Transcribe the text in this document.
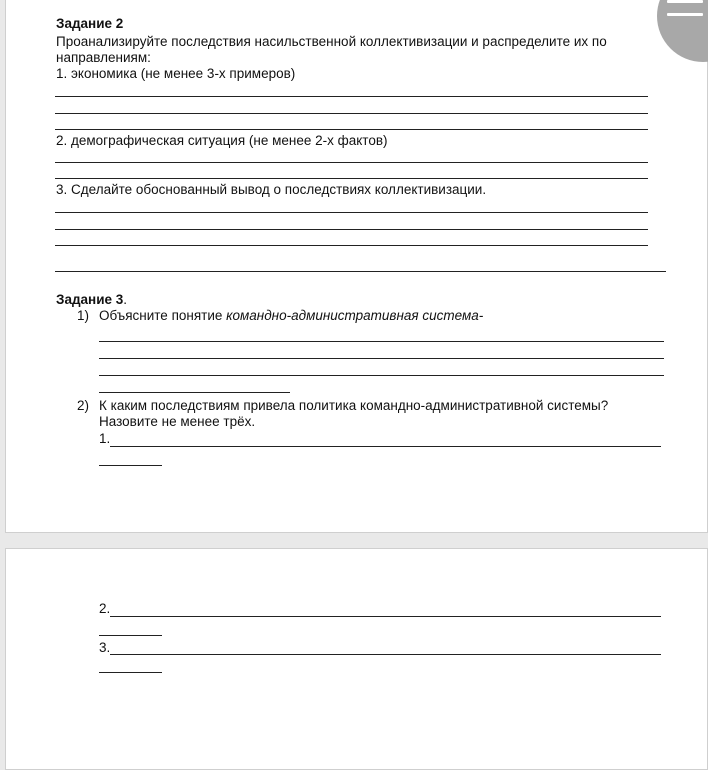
Задание 2
Проанализируйте последствия насильственной коллективизации и распределите их по
направлениям:
1. экономика (не менее 3-х примеров)
2. демографическая ситуация (не менее 2-х фактов)
3. Сделайте обоснованный вывод о последствиях коллективизации.
Задание 3.
1) Объясните понятие командно-административная система-
2) К каким последствиям привела политика командно-административной системы?
Назовите не менее трёх.
1.
2.
3.
